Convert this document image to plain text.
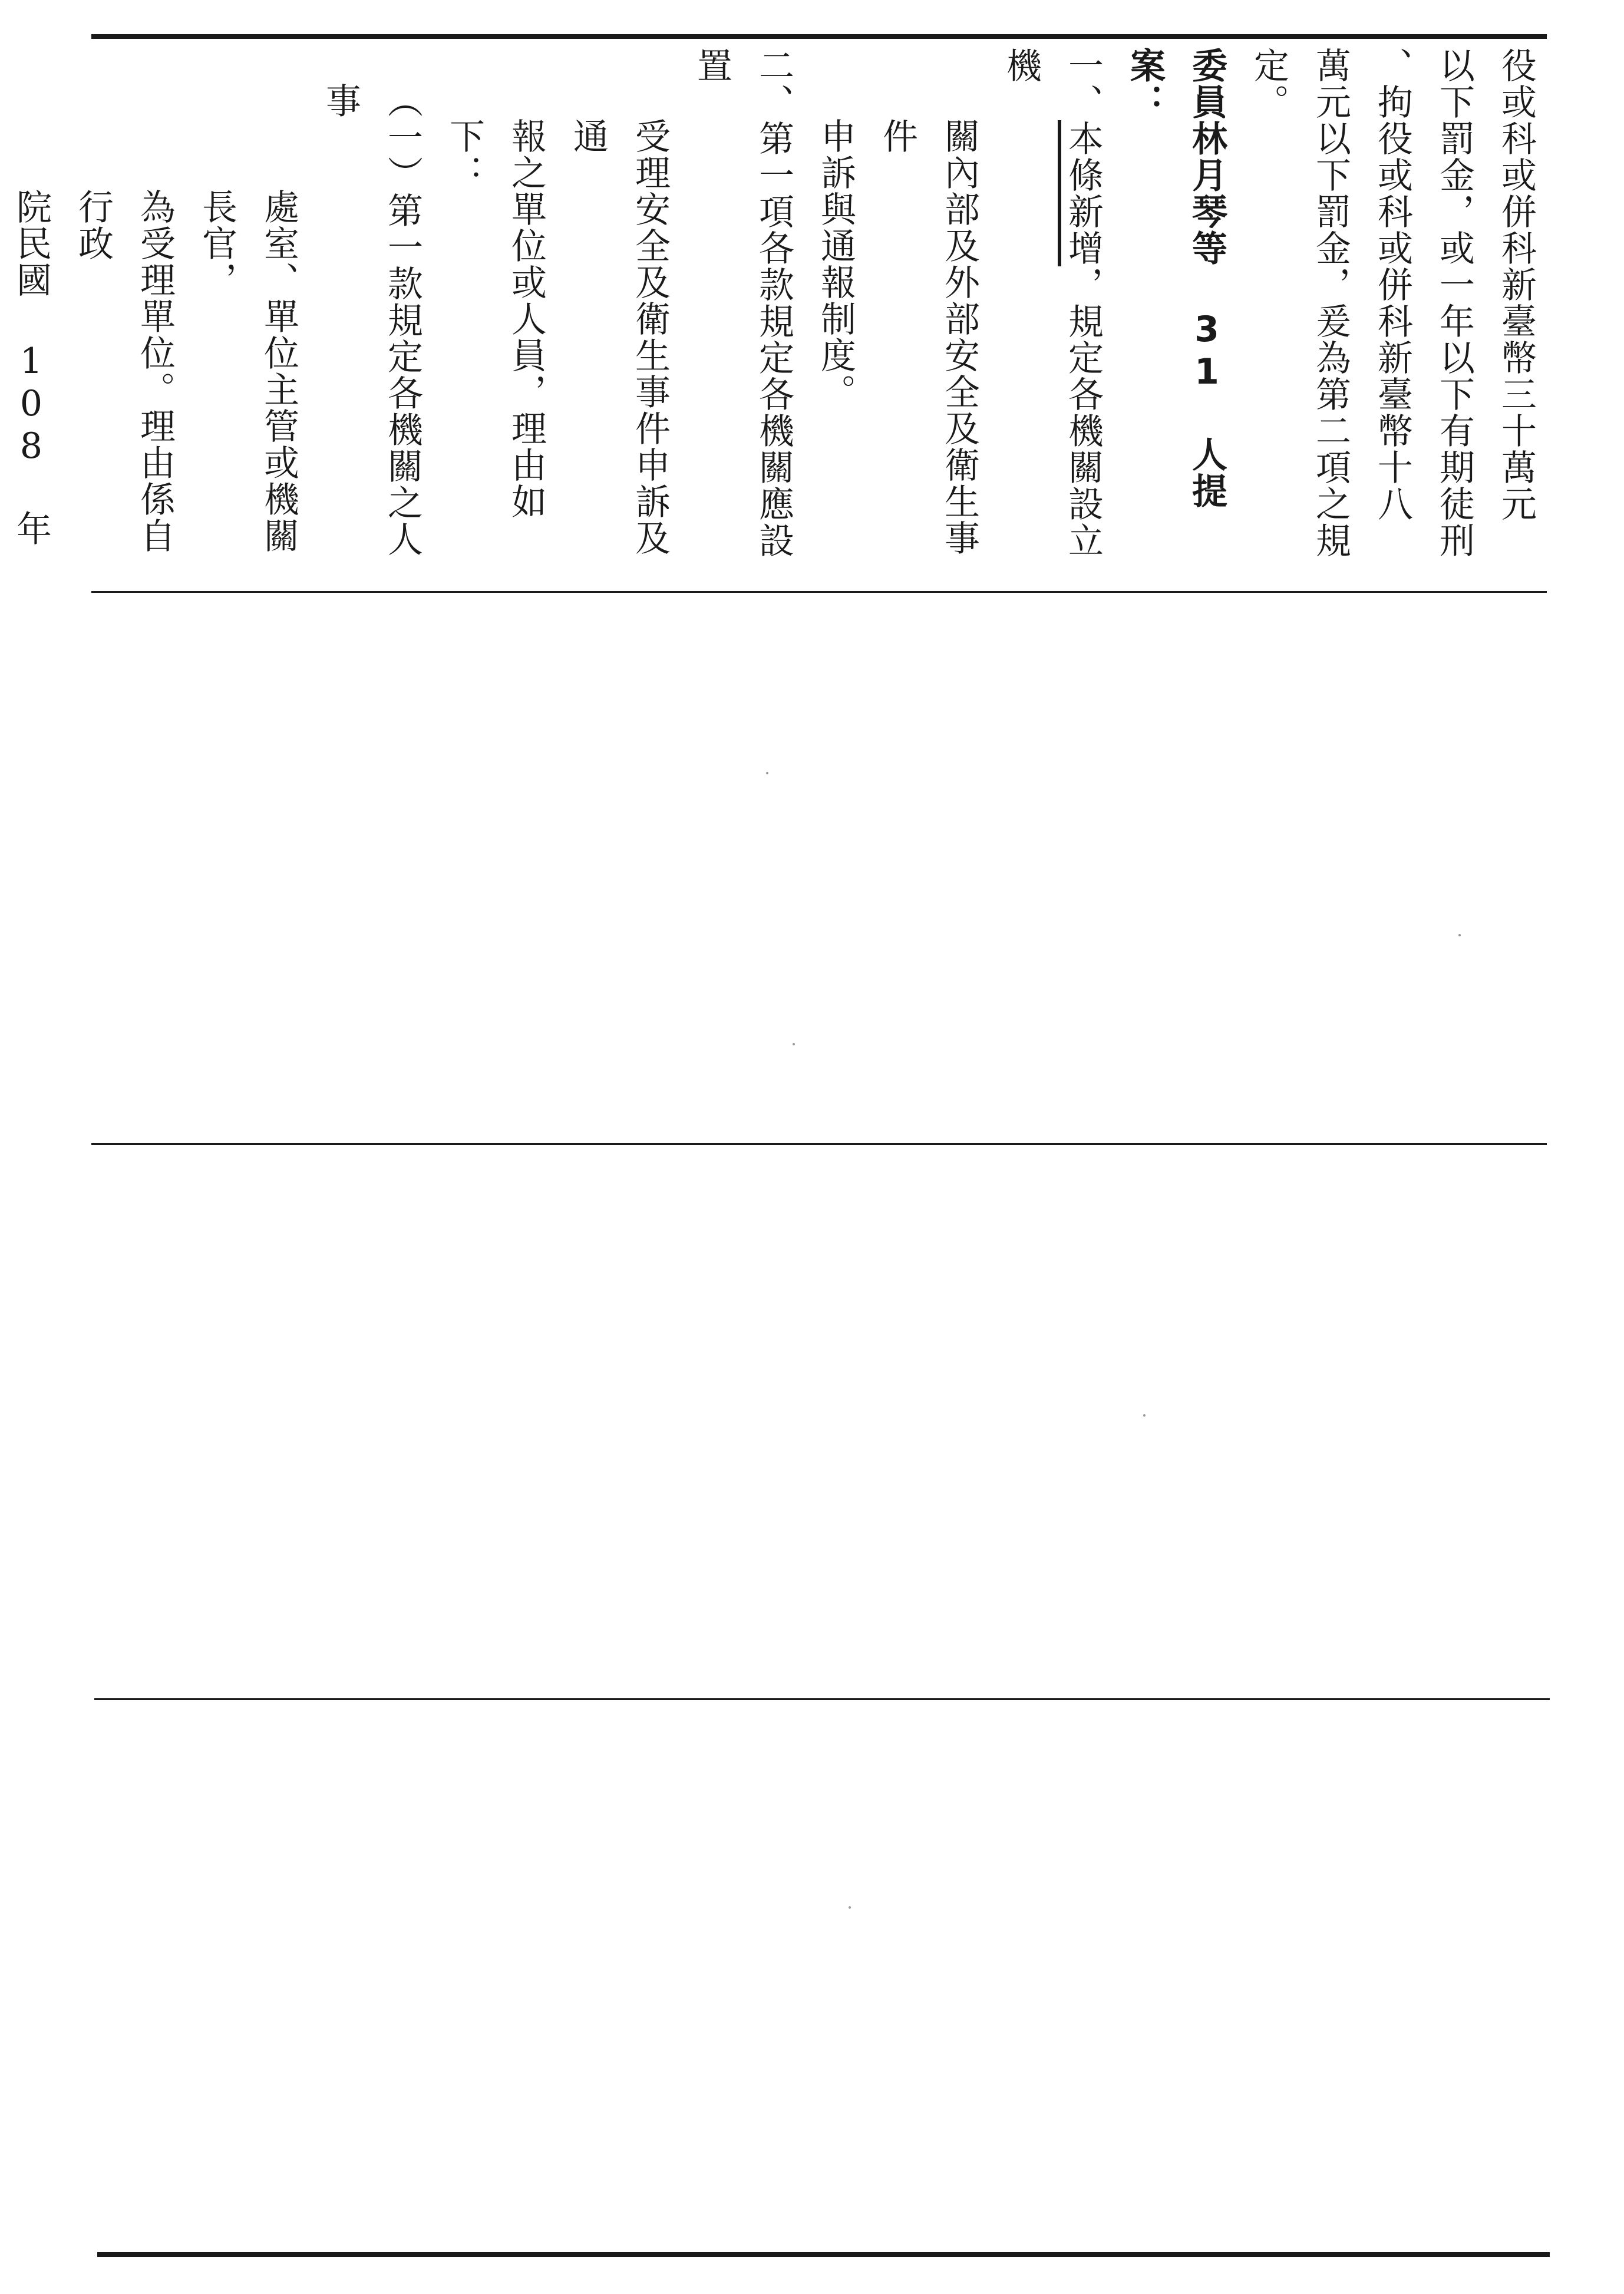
役或科或併科新臺幣三十萬元

以下罰金，或一年以下有期徒刑

、拘役或科或併科新臺幣十八

萬元以下罰金，爰為第二項之規

定。

委員林月琴等 31 人提案：

一、本條新增，規定各機關設立機

關內部及外部安全及衛生事件

申訴與通報制度。

二、第一項各款規定各機關應設置

受理安全及衛生事件申訴及通

報之單位或人員，理由如下：

（一）第一款規定各機關之人事

處室、單位主管或機關長官，

為受理單位。理由係自行政

院民國 108 年
